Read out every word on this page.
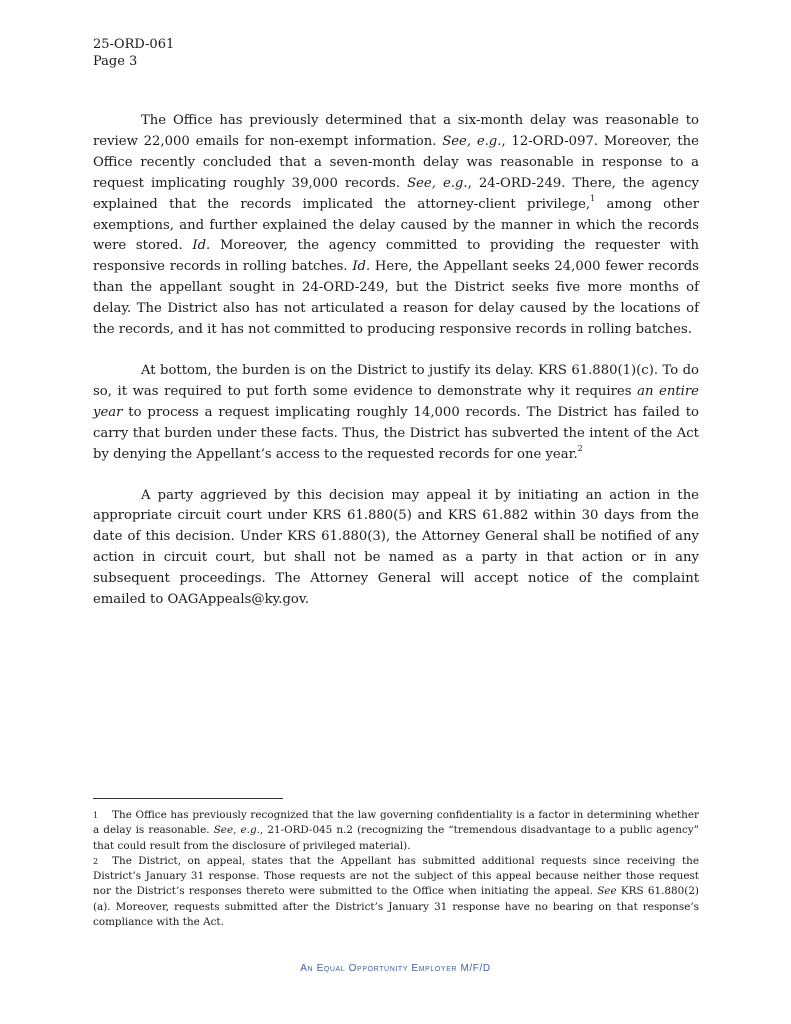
25-ORD-061
Page 3

The Office has previously determined that a six-month delay was reasonable to review 22,000 emails for non-exempt information. See, e.g., 12-ORD-097. Moreover, the Office recently concluded that a seven-month delay was reasonable in response to a request implicating roughly 39,000 records. See, e.g., 24-ORD-249. There, the agency explained that the records implicated the attorney-client privilege,$^1$ among other exemptions, and further explained the delay caused by the manner in which the records were stored. Id. Moreover, the agency committed to providing the requester with responsive records in rolling batches. Id. Here, the Appellant seeks 24,000 fewer records than the appellant sought in 24-ORD-249, but the District seeks five more months of delay. The District also has not articulated a reason for delay caused by the locations of the records, and it has not committed to producing responsive records in rolling batches.

At bottom, the burden is on the District to justify its delay. KRS 61.880(1)(c). To do so, it was required to put forth some evidence to demonstrate why it requires an entire year to process a request implicating roughly 14,000 records. The District has failed to carry that burden under these facts. Thus, the District has subverted the intent of the Act by denying the Appellant’s access to the requested records for one year.$^2$

A party aggrieved by this decision may appeal it by initiating an action in the appropriate circuit court under KRS 61.880(5) and KRS 61.882 within 30 days from the date of this decision. Under KRS 61.880(3), the Attorney General shall be notified of any action in circuit court, but shall not be named as a party in that action or in any subsequent proceedings. The Attorney General will accept notice of the complaint emailed to OAGAppeals@ky.gov.

$^1$ The Office has previously recognized that the law governing confidentiality is a factor in determining whether a delay is reasonable. See, e.g., 21-ORD-045 n.2 (recognizing the “tremendous disadvantage to a public agency” that could result from the disclosure of privileged material).

$^2$ The District, on appeal, states that the Appellant has submitted additional requests since receiving the District’s January 31 response. Those requests are not the subject of this appeal because neither those request nor the District’s responses thereto were submitted to the Office when initiating the appeal. See KRS 61.880(2)(a). Moreover, requests submitted after the District’s January 31 response have no bearing on that response’s compliance with the Act.

An Equal Opportunity Employer M/F/D
